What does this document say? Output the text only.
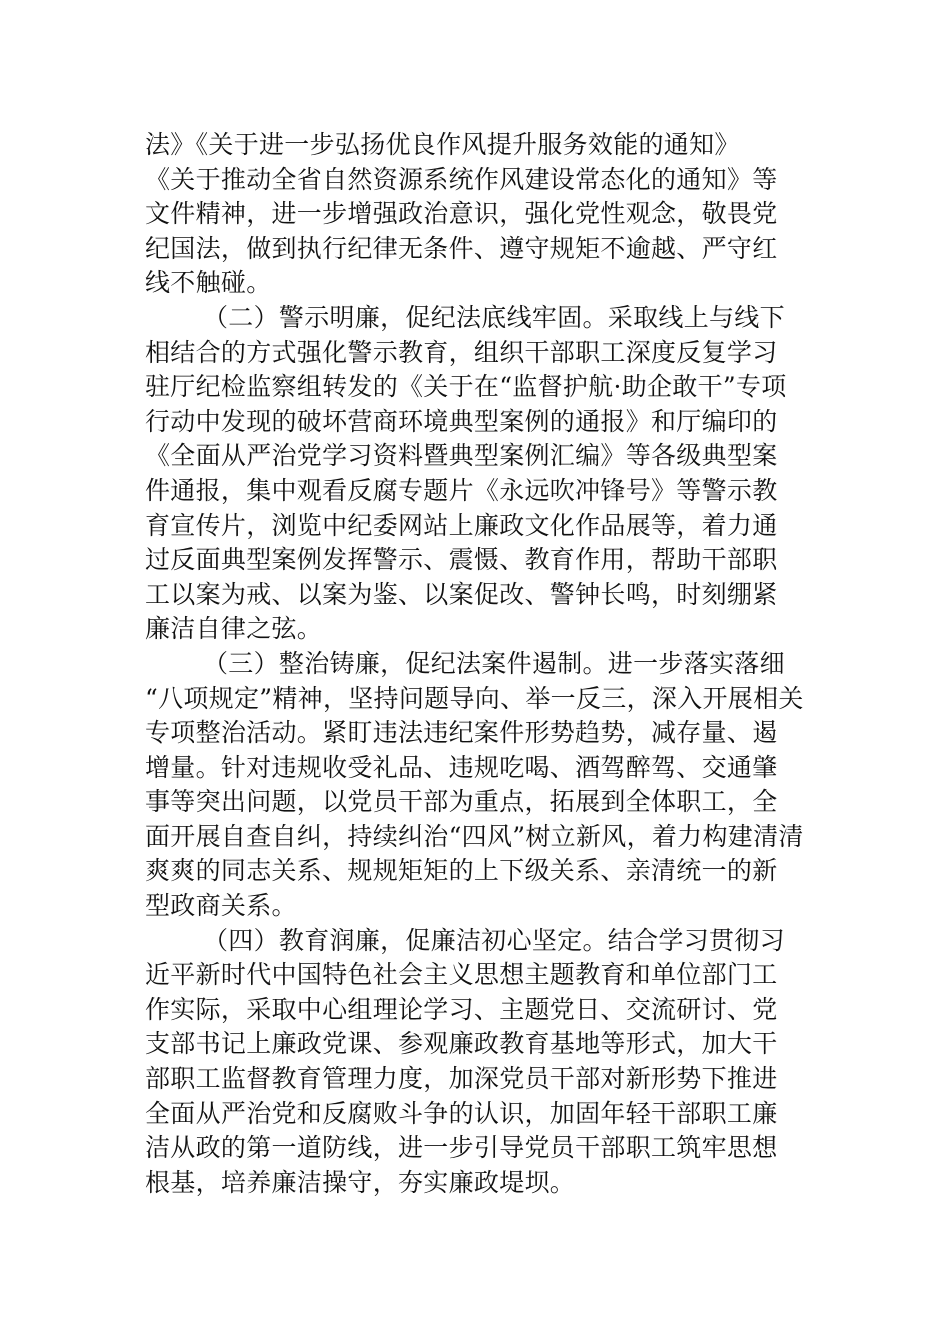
法》《关于进一步弘扬优良作风提升服务效能的通知》
《关于推动全省自然资源系统作风建设常态化的通知》等
文件精神，进一步增强政治意识，强化党性观念，敬畏党
纪国法，做到执行纪律无条件、遵守规矩不逾越、严守红
线不触碰。
（二）警示明廉，促纪法底线牢固。采取线上与线下
相结合的方式强化警示教育，组织干部职工深度反复学习
驻厅纪检监察组转发的《关于在“监督护航·助企敢干”专项
行动中发现的破坏营商环境典型案例的通报》和厅编印的
《全面从严治党学习资料暨典型案例汇编》等各级典型案
件通报，集中观看反腐专题片《永远吹冲锋号》等警示教
育宣传片，浏览中纪委网站上廉政文化作品展等，着力通
过反面典型案例发挥警示、震慑、教育作用，帮助干部职
工以案为戒、以案为鉴、以案促改、警钟长鸣，时刻绷紧
廉洁自律之弦。
（三）整治铸廉，促纪法案件遏制。进一步落实落细
“八项规定”精神，坚持问题导向、举一反三，深入开展相关
专项整治活动。紧盯违法违纪案件形势趋势，减存量、遏
增量。针对违规收受礼品、违规吃喝、酒驾醉驾、交通肇
事等突出问题，以党员干部为重点，拓展到全体职工，全
面开展自查自纠，持续纠治“四风”树立新风，着力构建清清
爽爽的同志关系、规规矩矩的上下级关系、亲清统一的新
型政商关系。
（四）教育润廉，促廉洁初心坚定。结合学习贯彻习
近平新时代中国特色社会主义思想主题教育和单位部门工
作实际，采取中心组理论学习、主题党日、交流研讨、党
支部书记上廉政党课、参观廉政教育基地等形式，加大干
部职工监督教育管理力度，加深党员干部对新形势下推进
全面从严治党和反腐败斗争的认识，加固年轻干部职工廉
洁从政的第一道防线，进一步引导党员干部职工筑牢思想
根基，培养廉洁操守，夯实廉政堤坝。
